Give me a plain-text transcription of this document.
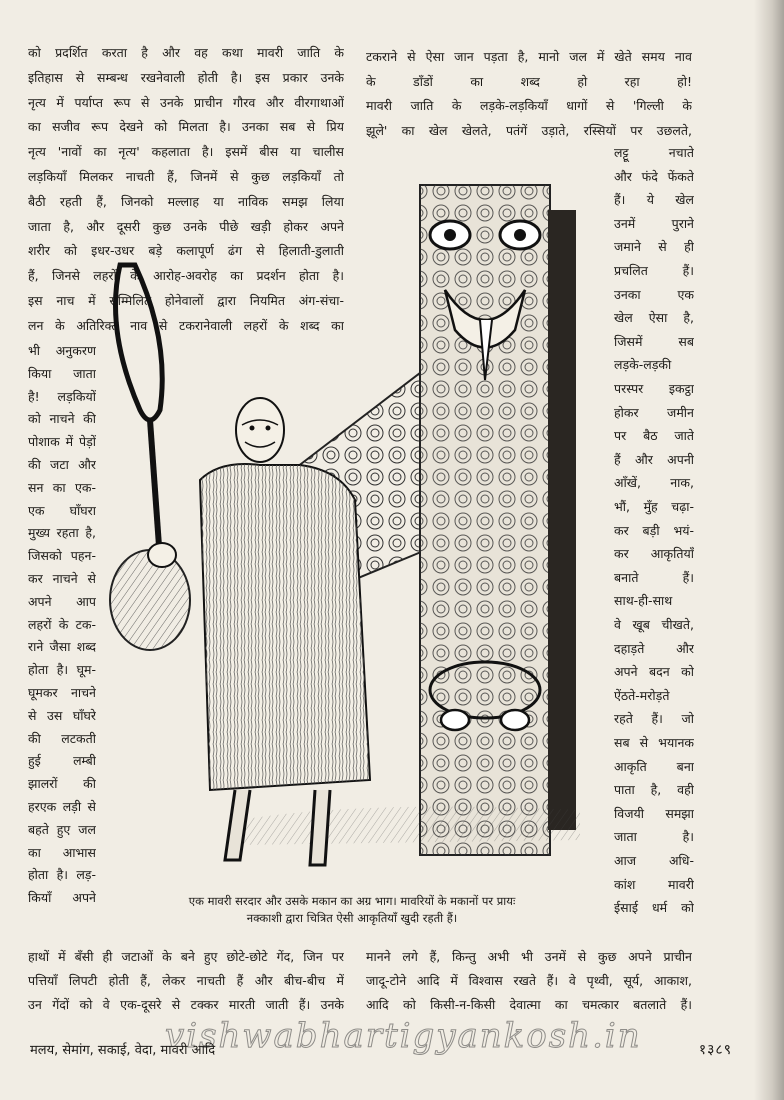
को प्रदर्शित करता है और वह कथा मावरी जाति के
इतिहास से सम्बन्ध रखनेवाली होती है। इस प्रकार उनके
नृत्य में पर्याप्त रूप से उनके प्राचीन गौरव और वीरगाथाओं
का सजीव रूप देखने को मिलता है। उनका सब से प्रिय
नृत्य 'नावों का नृत्य' कहलाता है। इसमें बीस या चालीस
लड़कियाँ मिलकर नाचती हैं, जिनमें से कुछ लड़कियाँ तो
बैठी रहती हैं, जिनको मल्लाह या नाविक समझ लिया
जाता है, और दूसरी कुछ उनके पीछे खड़ी होकर अपने
शरीर को इधर-उधर बड़े कलापूर्ण ढंग से हिलाती-डुलाती
हैं, जिनसे लहरों के आरोह-अवरोह का प्रदर्शन होता है।
इस नाच में सम्मिलित होनेवालों द्वारा नियमित अंग-संचा-
लन के अतिरिक्त नाव से टकरानेवाली लहरों के शब्द का
भी अनुकरण
किया जाता
है! लड़कियों
को नाचने की
पोशाक में पेड़ों
की जटा और
सन का एक-
एक घाँघरा
मुख्य रहता है,
जिसको पहन-
कर नाचने से
अपने आप
लहरों के टक-
राने जैसा शब्द
होता है। घूम-
घूमकर नाचने
से उस घाँघरे
की लटकती
हुई लम्बी
झालरों की
हरएक लड़ी से
बहते हुए जल
का आभास
होता है। लड़-
कियाँ अपने
टकराने से ऐसा जान पड़ता है, मानो जल में खेते समय नाव
के डाँडों का शब्द हो रहा हो!
मावरी जाति के लड़के-लड़कियाँ धागों से 'गिल्ली के
झूले' का खेल खेलते, पतंगें उड़ाते, रस्सियों पर उछलते,
लट्टू नचाते
और फंदे फेंकते
हैं। ये खेल
उनमें पुराने
जमाने से ही
प्रचलित हैं।
उनका एक
खेल ऐसा है,
जिसमें सब
लड़के-लड़की
परस्पर इकट्ठा
होकर जमीन
पर बैठ जाते
हैं और अपनी
आँखें, नाक,
भौं, मुँह चढ़ा-
कर बड़ी भयं-
कर आकृतियाँ
बनाते हैं।
साथ-ही-साथ
वे खूब चीखते,
दहाड़ते और
अपने बदन को
ऐंठते-मरोड़ते
रहते हैं। जो
सब से भयानक
आकृति बना
पाता है, वही
विजयी समझा
जाता है।
आज अधि-
कांश मावरी
ईसाई धर्म को
हाथों में बँसी ही जटाओं के बने हुए छोटे-छोटे गेंद, जिन पर
पत्तियाँ लिपटी होती हैं, लेकर नाचती हैं और बीच-बीच में
उन गेंदों को वे एक-दूसरे से टक्कर मारती जाती हैं। उनके
मानने लगे हैं, किन्तु अभी भी उनमें से कुछ अपने प्राचीन
जादू-टोने आदि में विश्वास रखते हैं। वे पृथ्वी, सूर्य, आकाश,
आदि को किसी-न-किसी देवात्मा का चमत्कार बतलाते हैं।
एक मावरी सरदार और उसके मकान का अग्र भाग। मावरियों के मकानों पर प्रायः
नक्काशी द्वारा चित्रित ऐसी आकृतियाँ खुदी रहती हैं।
vishwabhartigyankosh.in
मलय, सेमांग, सकाई, वेदा, मावरी आदि	१३८९
